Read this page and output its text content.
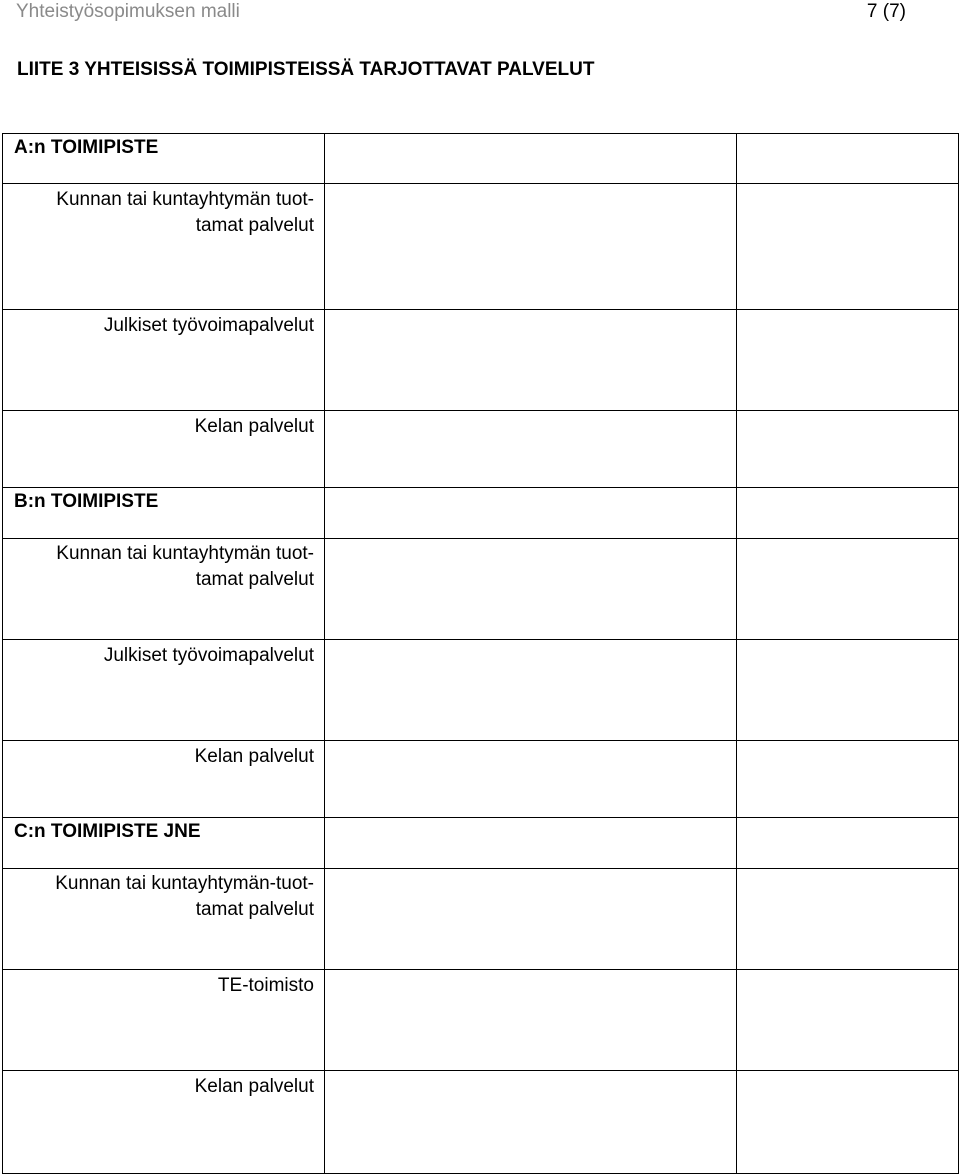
Yhteistyösopimuksen malli	7 (7)
LIITE 3 YHTEISISSÄ TOIMIPISTEISSÄ TARJOTTAVAT PALVELUT
A:n TOIMIPISTE
Kunnan tai kuntayhtymän tuot-
tamat palvelut
Julkiset työvoimapalvelut
Kelan palvelut
B:n TOIMIPISTE
Kunnan tai kuntayhtymän tuot-
tamat palvelut
Julkiset työvoimapalvelut
Kelan palvelut
C:n TOIMIPISTE JNE
Kunnan tai kuntayhtymän-tuot-
tamat palvelut
TE-toimisto
Kelan palvelut
